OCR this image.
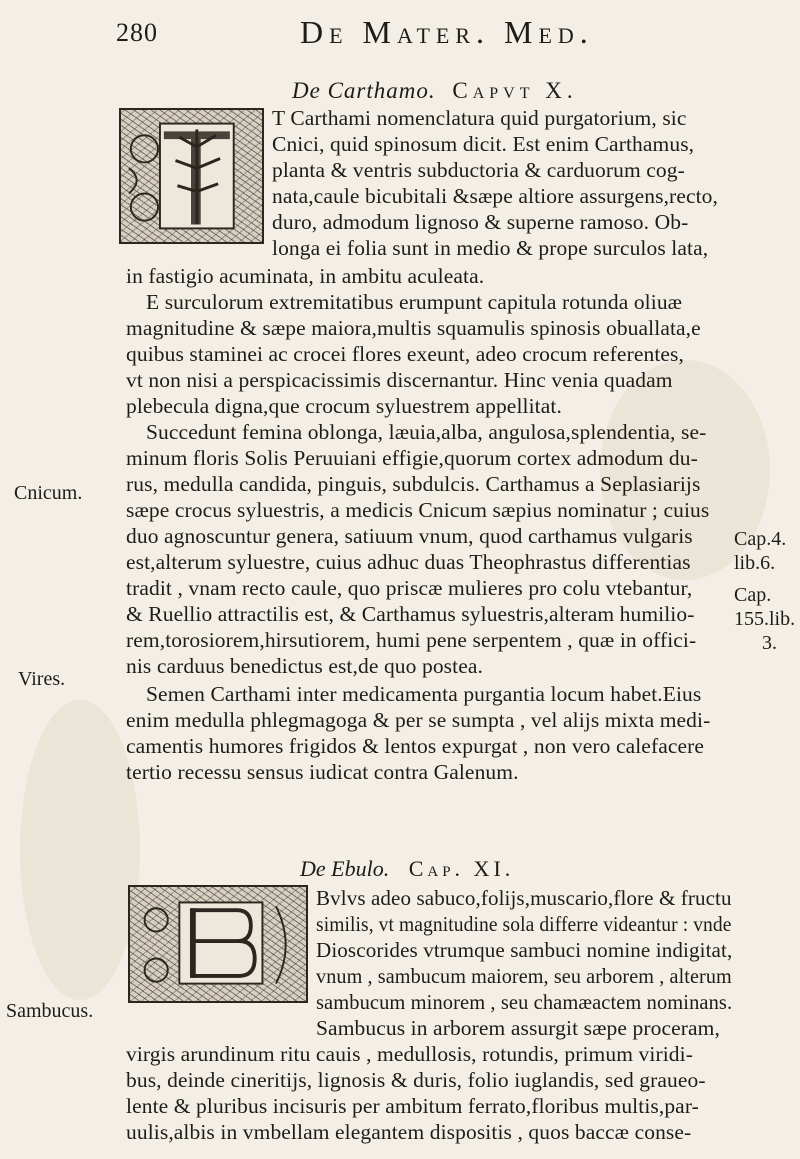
280	De Mater. Med.
De Carthamo. Capvt X.
T Carthami nomenclatura quid purgatorium, sic
Cnici, quid spinosum dicit. Est enim Carthamus,
planta & ventris subductoria & carduorum cog-
nata,caule bicubitali &sæpe altiore assurgens,recto,
duro, admodum lignoso & superne ramoso. Ob-
longa ei folia sunt in medio & prope surculos lata,
in fastigio acuminata, in ambitu aculeata.
E surculorum extremitatibus erumpunt capitula rotunda oliuæ
magnitudine & sæpe maiora,multis squamulis spinosis obuallata,e
quibus staminei ac crocei flores exeunt, adeo crocum referentes,
vt non nisi a perspicacissimis discernantur. Hinc venia quadam
plebecula digna,que crocum syluestrem appellitat.
Succedunt femina oblonga, læuia,alba, angulosa,splendentia, se-
minum floris Solis Peruuiani effigie,quorum cortex admodum du-
rus, medulla candida, pinguis, subdulcis. Carthamus a Seplasiarijs
sæpe crocus syluestris, a medicis Cnicum sæpius nominatur ; cuius
duo agnoscuntur genera, satiuum vnum, quod carthamus vulgaris
est,alterum syluestre, cuius adhuc duas Theophrastus differentias
tradit , vnam recto caule, quo priscæ mulieres pro colu vtebantur,
& Ruellio attractilis est, & Carthamus syluestris,alteram humilio-
rem,torosiorem,hirsutiorem, humi pene serpentem , quæ in offici-
nis carduus benedictus est,de quo postea.
Semen Carthami inter medicamenta purgantia locum habet.Eius
enim medulla phlegmagoga & per se sumpta , vel alijs mixta medi-
camentis humores frigidos & lentos expurgat , non vero calefacere
tertio recessu sensus iudicat contra Galenum.
Cnicum.
Vires.
Sambucus.
Cap.4.
lib.6.
Cap.
155.lib.
3.
De Ebulo. Cap. XI.
Bvlvs adeo sabuco,folijs,muscario,flore & fructu
similis, vt magnitudine sola differre videantur : vnde
Dioscorides vtrumque sambuci nomine indigitat,
vnum , sambucum maiorem, seu arborem , alterum
sambucum minorem , seu chamæactem nominans.
Sambucus in arborem assurgit sæpe proceram,
virgis arundinum ritu cauis , medullosis, rotundis, primum viridi-
bus, deinde cineritijs, lignosis & duris, folio iuglandis, sed graueo-
lente & pluribus incisuris per ambitum ferrato,floribus multis,par-
uulis,albis in vmbellam elegantem dispositis , quos baccæ conse-
